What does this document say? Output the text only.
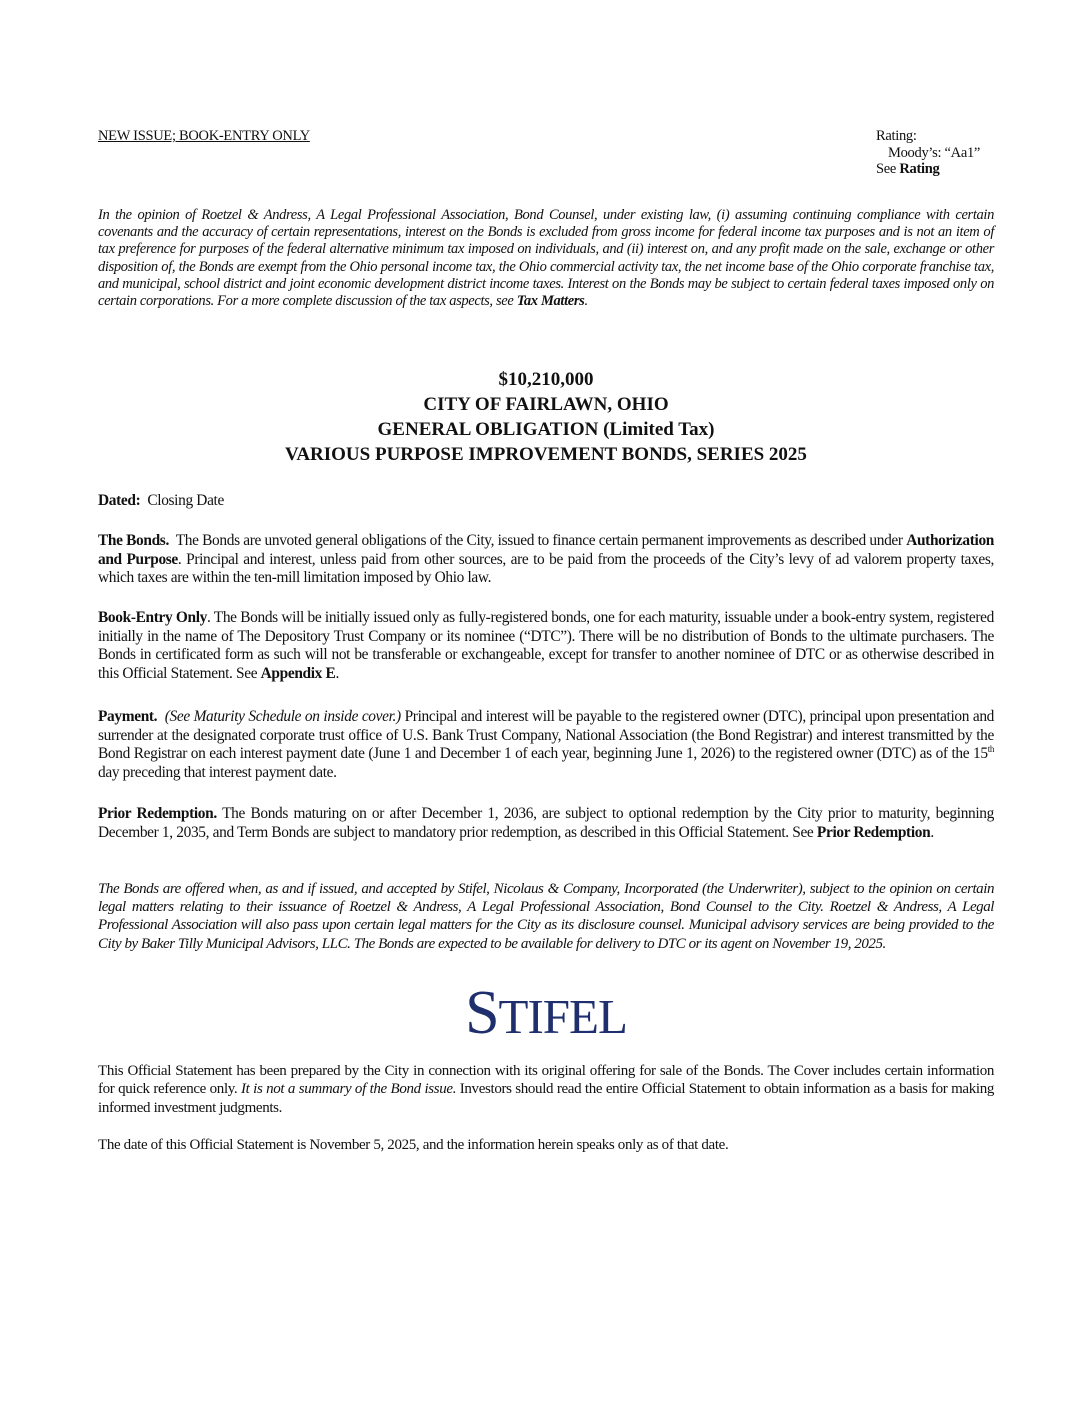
NEW ISSUE; BOOK-ENTRY ONLY	Rating:
Moody’s: “Aa1”
See Rating
In the opinion of Roetzel & Andress, A Legal Professional Association, Bond Counsel, under existing law, (i) assuming continuing compliance with certain covenants and the accuracy of certain representations, interest on the Bonds is excluded from gross income for federal income tax purposes and is not an item of tax preference for purposes of the federal alternative minimum tax imposed on individuals, and (ii) interest on, and any profit made on the sale, exchange or other disposition of, the Bonds are exempt from the Ohio personal income tax, the Ohio commercial activity tax, the net income base of the Ohio corporate franchise tax, and municipal, school district and joint economic development district income taxes. Interest on the Bonds may be subject to certain federal taxes imposed only on certain corporations. For a more complete discussion of the tax aspects, see Tax Matters.
$10,210,000
CITY OF FAIRLAWN, OHIO
GENERAL OBLIGATION (Limited Tax)
VARIOUS PURPOSE IMPROVEMENT BONDS, SERIES 2025
Dated: Closing Date
The Bonds. The Bonds are unvoted general obligations of the City, issued to finance certain permanent improvements as described under Authorization and Purpose. Principal and interest, unless paid from other sources, are to be paid from the proceeds of the City’s levy of ad valorem property taxes, which taxes are within the ten-mill limitation imposed by Ohio law.
Book-Entry Only. The Bonds will be initially issued only as fully-registered bonds, one for each maturity, issuable under a book-entry system, registered initially in the name of The Depository Trust Company or its nominee (“DTC”). There will be no distribution of Bonds to the ultimate purchasers. The Bonds in certificated form as such will not be transferable or exchangeable, except for transfer to another nominee of DTC or as otherwise described in this Official Statement. See Appendix E.
Payment. (See Maturity Schedule on inside cover.) Principal and interest will be payable to the registered owner (DTC), principal upon presentation and surrender at the designated corporate trust office of U.S. Bank Trust Company, National Association (the Bond Registrar) and interest transmitted by the Bond Registrar on each interest payment date (June 1 and December 1 of each year, beginning June 1, 2026) to the registered owner (DTC) as of the 15th day preceding that interest payment date.
Prior Redemption. The Bonds maturing on or after December 1, 2036, are subject to optional redemption by the City prior to maturity, beginning December 1, 2035, and Term Bonds are subject to mandatory prior redemption, as described in this Official Statement. See Prior Redemption.
The Bonds are offered when, as and if issued, and accepted by Stifel, Nicolaus & Company, Incorporated (the Underwriter), subject to the opinion on certain legal matters relating to their issuance of Roetzel & Andress, A Legal Professional Association, Bond Counsel to the City. Roetzel & Andress, A Legal Professional Association will also pass upon certain legal matters for the City as its disclosure counsel. Municipal advisory services are being provided to the City by Baker Tilly Municipal Advisors, LLC. The Bonds are expected to be available for delivery to DTC or its agent on November 19, 2025.
STIFEL
This Official Statement has been prepared by the City in connection with its original offering for sale of the Bonds. The Cover includes certain information for quick reference only. It is not a summary of the Bond issue. Investors should read the entire Official Statement to obtain information as a basis for making informed investment judgments.
The date of this Official Statement is November 5, 2025, and the information herein speaks only as of that date.
